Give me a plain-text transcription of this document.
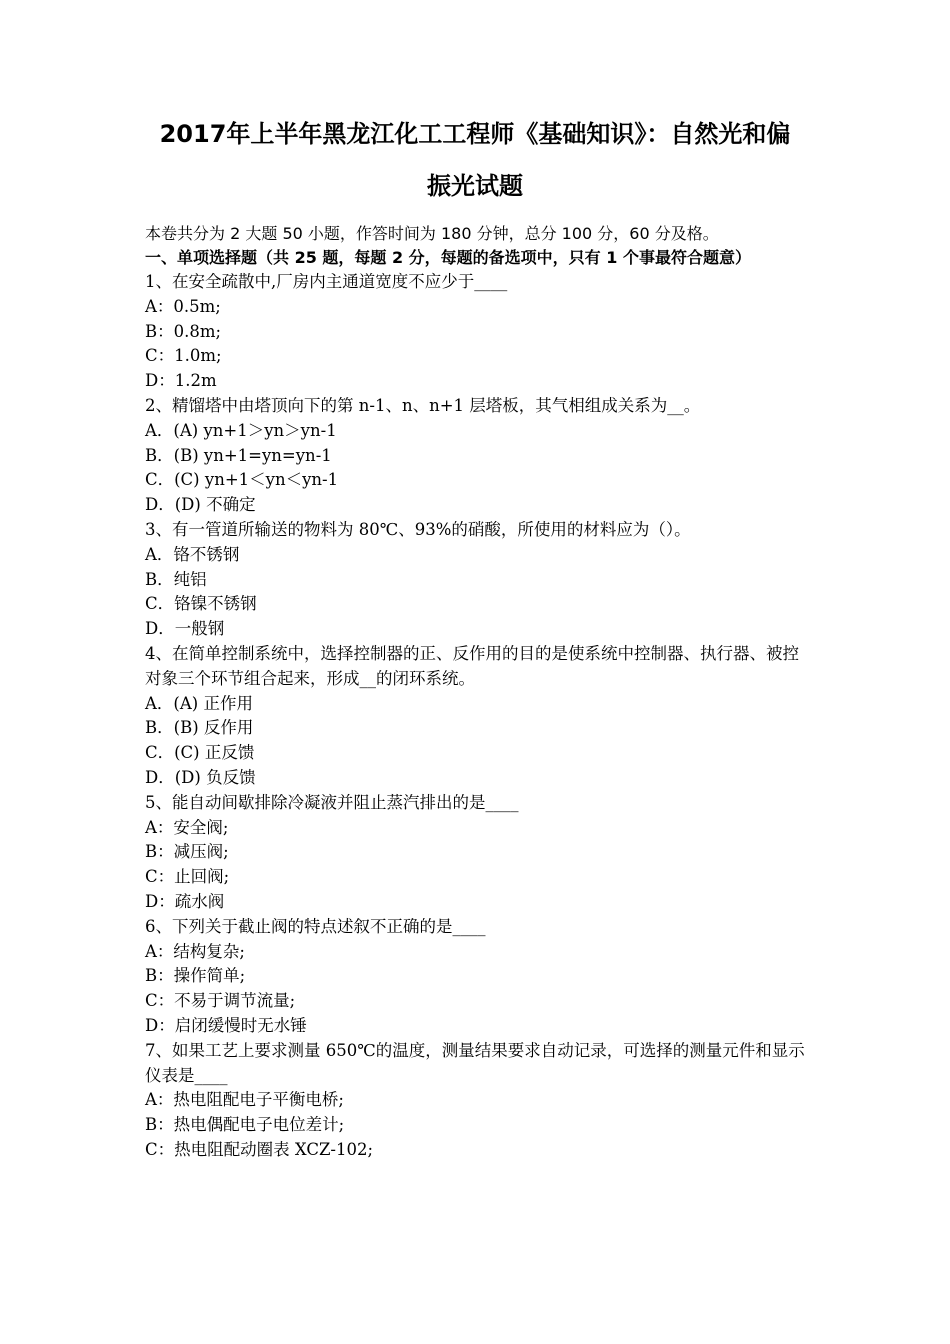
2017年上半年黑龙江化工工程师《基础知识》：自然光和偏
振光试题
本卷共分为 2 大题 50 小题，作答时间为 180 分钟，总分 100 分，60 分及格。
一、单项选择题（共 25 题，每题 2 分，每题的备选项中，只有 1 个事最符合题意）
1、在安全疏散中,厂房内主通道宽度不应少于____
A：0.5m;
B：0.8m;
C：1.0m;
D：1.2m
2、精馏塔中由塔顶向下的第 n-1、n、n+1 层塔板，其气相组成关系为__。
A．(A) yn+1＞yn＞yn-1
B．(B) yn+1=yn=yn-1
C．(C) yn+1＜yn＜yn-1
D．(D) 不确定
3、有一管道所输送的物料为 80℃、93%的硝酸，所使用的材料应为（）。
A．铬不锈钢
B．纯铝
C．铬镍不锈钢
D．一般钢
4、在简单控制系统中，选择控制器的正、反作用的目的是使系统中控制器、执行器、被控对象三个环节组合起来，形成__的闭环系统。
A．(A) 正作用
B．(B) 反作用
C．(C) 正反馈
D．(D) 负反馈
5、能自动间歇排除冷凝液并阻止蒸汽排出的是____
A：安全阀;
B：减压阀;
C：止回阀;
D：疏水阀
6、下列关于截止阀的特点述叙不正确的是____
A：结构复杂;
B：操作简单;
C：不易于调节流量;
D：启闭缓慢时无水锤
7、如果工艺上要求测量 650℃的温度，测量结果要求自动记录，可选择的测量元件和显示仪表是____
A：热电阻配电子平衡电桥;
B：热电偶配电子电位差计;
C：热电阻配动圈表 XCZ-102;
